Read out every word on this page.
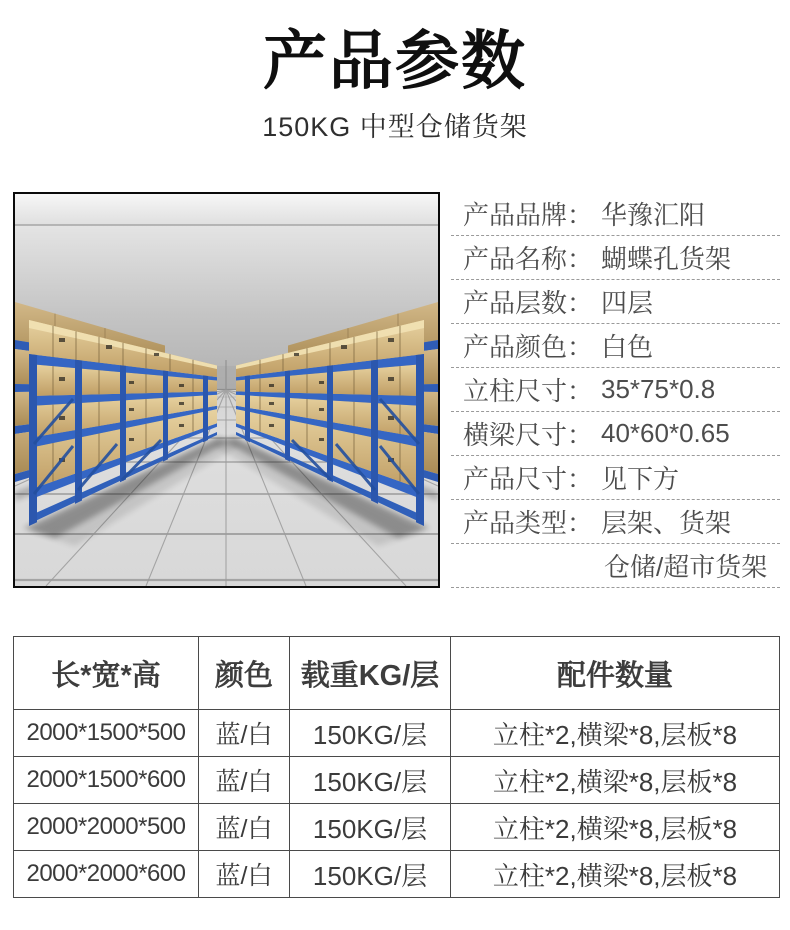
产品参数
150KG 中型仓储货架
产品品牌： 华豫汇阳
产品名称： 蝴蝶孔货架
产品层数： 四层
产品颜色： 白色
立柱尺寸： 35*75*0.8
横梁尺寸： 40*60*0.65
产品尺寸： 见下方
产品类型： 层架、货架
仓储/超市货架
长*宽*高	颜色	载重KG/层	配件数量
2000*1500*500	蓝/白	150KG/层	立柱*2,横梁*8,层板*8
2000*1500*600	蓝/白	150KG/层	立柱*2,横梁*8,层板*8
2000*2000*500	蓝/白	150KG/层	立柱*2,横梁*8,层板*8
2000*2000*600	蓝/白	150KG/层	立柱*2,横梁*8,层板*8
